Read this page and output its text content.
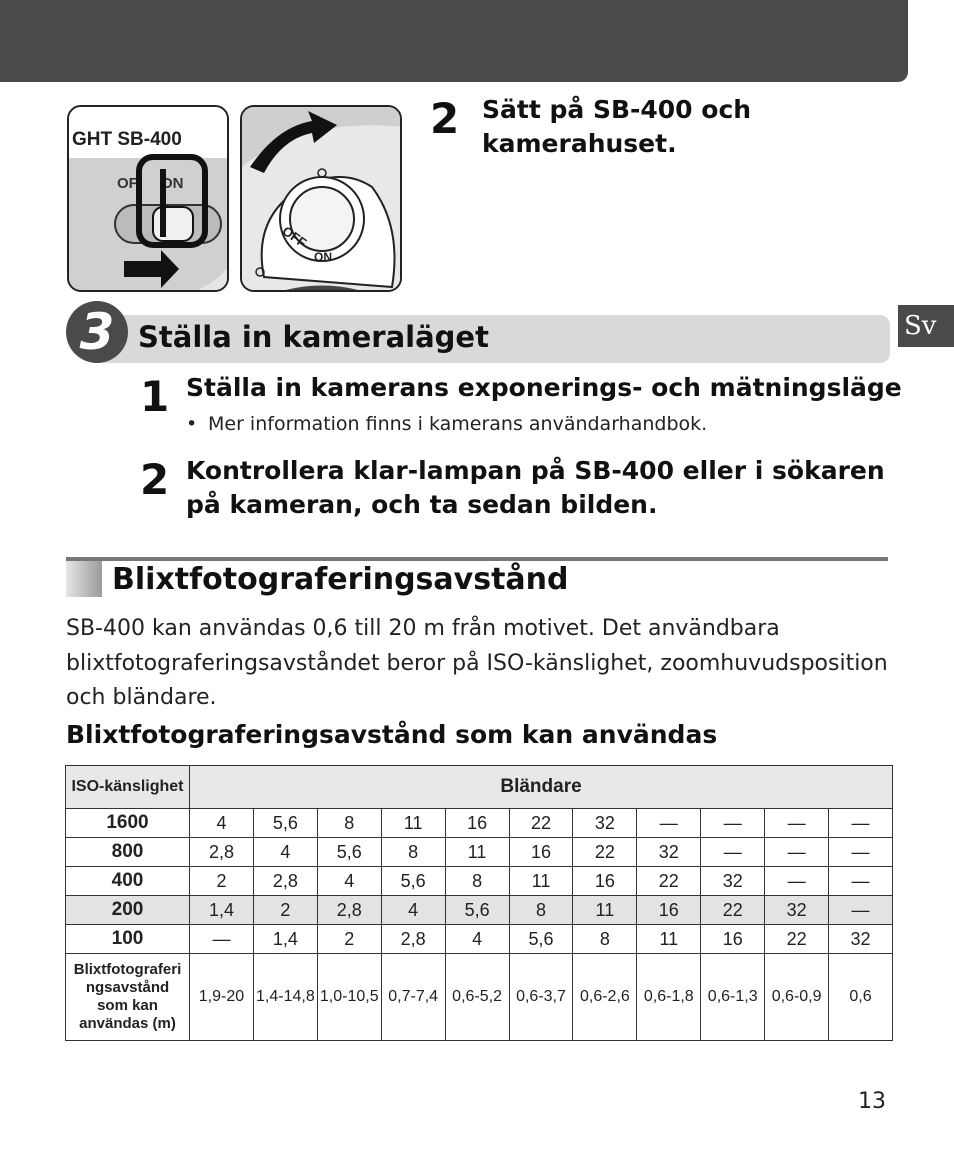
Sv
GHT SB-400
OF ON
OFF
ON
2 Sätt på SB-400 och
kamerahuset.
3 Ställa in kameraläget
1 Ställa in kamerans exponerings- och mätningsläge
• Mer information finns i kamerans användarhandbok.
2 Kontrollera klar-lampan på SB-400 eller i sökaren
på kameran, och ta sedan bilden.
Blixtfotograferingsavstånd
SB-400 kan användas 0,6 till 20 m från motivet. Det användbara
blixtfotograferingsavståndet beror på ISO-känslighet, zoomhuvudsposition
och bländare.
Blixtfotograferingsavstånd som kan användas
ISO-känslighet	Bländare										
1600	4	5,6	8	11	16	22	32	—	—	—	—
800	2,8	4	5,6	8	11	16	22	32	—	—	—
400	2	2,8	4	5,6	8	11	16	22	32	—	—
200	1,4	2	2,8	4	5,6	8	11	16	22	32	—
100	—	1,4	2	2,8	4	5,6	8	11	16	22	32

Blixtfotograferi
ngsavstånd
som kan
användas (m)	1,9-20	1,4-14,8	1,0-10,5	0,7-7,4	0,6-5,2	0,6-3,7	0,6-2,6	0,6-1,8	0,6-1,3	0,6-0,9	0,6
13
